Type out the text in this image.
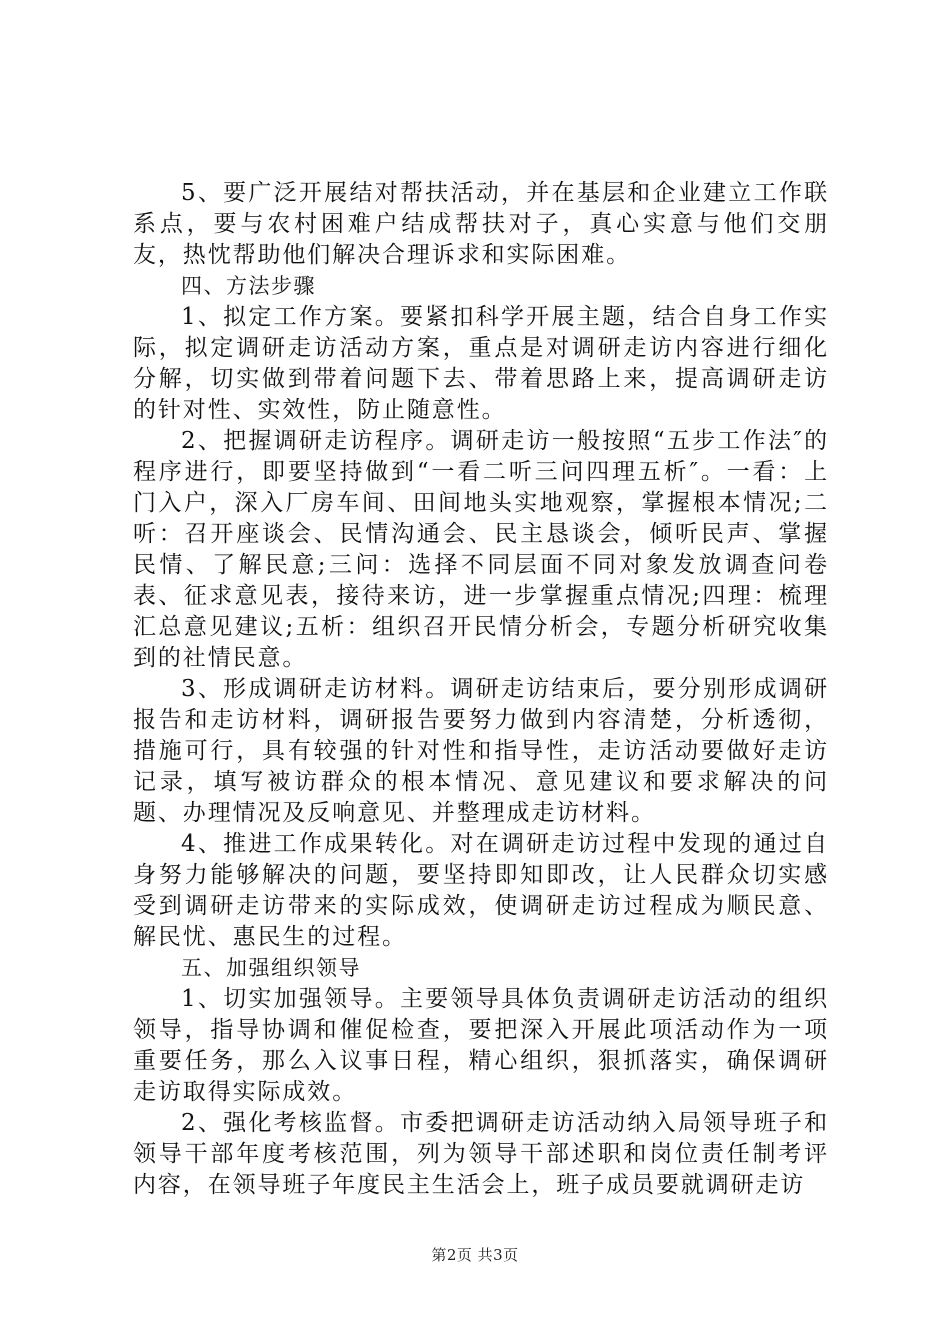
5、要广泛开展结对帮扶活动，并在基层和企业建立工作联系点，要与农村困难户结成帮扶对子，真心实意与他们交朋友，热忱帮助他们解决合理诉求和实际困难。

四、方法步骤

1、拟定工作方案。要紧扣科学开展主题，结合自身工作实际，拟定调研走访活动方案，重点是对调研走访内容进行细化分解，切实做到带着问题下去、带着思路上来，提高调研走访的针对性、实效性，防止随意性。

2、把握调研走访程序。调研走访一般按照“五步工作法″的程序进行，即要坚持做到“一看二听三问四理五析″。一看：上门入户，深入厂房车间、田间地头实地观察，掌握根本情况;二听：召开座谈会、民情沟通会、民主恳谈会，倾听民声、掌握民情、了解民意;三问：选择不同层面不同对象发放调查问卷表、征求意见表，接待来访，进一步掌握重点情况;四理：梳理汇总意见建议;五析：组织召开民情分析会，专题分析研究收集到的社情民意。

3、形成调研走访材料。调研走访结束后，要分别形成调研报告和走访材料，调研报告要努力做到内容清楚，分析透彻，措施可行，具有较强的针对性和指导性，走访活动要做好走访记录，填写被访群众的根本情况、意见建议和要求解决的问题、办理情况及反响意见、并整理成走访材料。

4、推进工作成果转化。对在调研走访过程中发现的通过自身努力能够解决的问题，要坚持即知即改，让人民群众切实感受到调研走访带来的实际成效，使调研走访过程成为顺民意、解民忧、惠民生的过程。

五、加强组织领导

1、切实加强领导。主要领导具体负责调研走访活动的组织领导，指导协调和催促检查，要把深入开展此项活动作为一项重要任务，那么入议事日程，精心组织，狠抓落实，确保调研走访取得实际成效。

2、强化考核监督。市委把调研走访活动纳入局领导班子和领导干部年度考核范围，列为领导干部述职和岗位责任制考评内容，在领导班子年度民主生活会上，班子成员要就调研走访

第2页 共3页
